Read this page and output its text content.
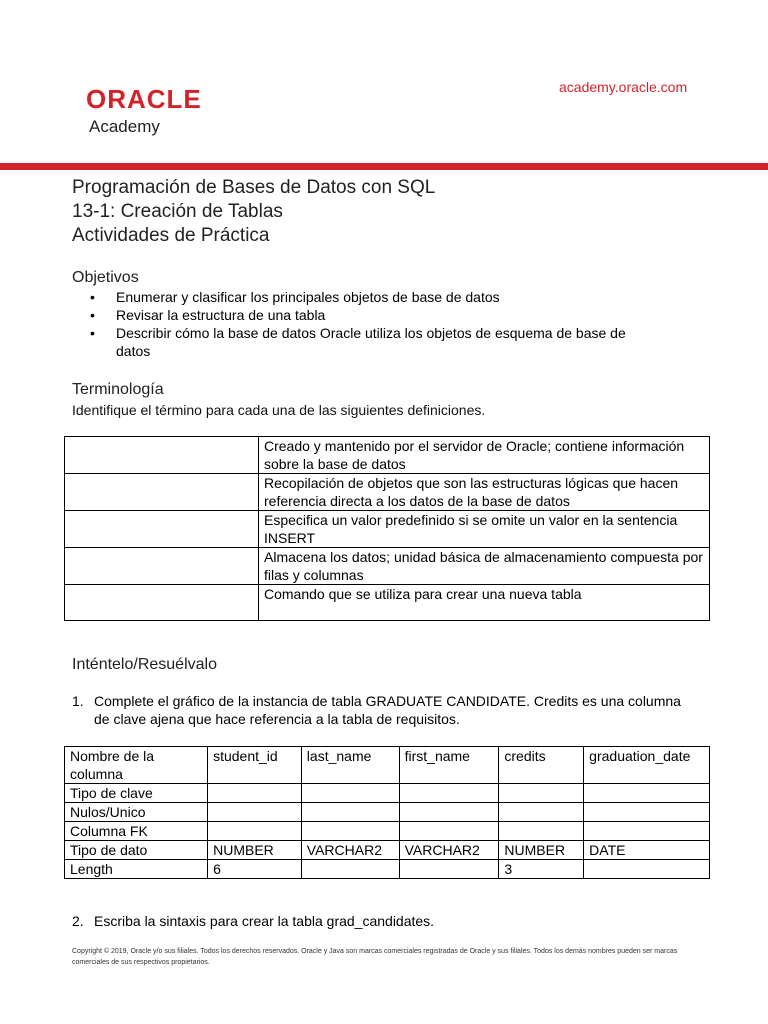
ORACLE
Academy
academy.oracle.com
Programación de Bases de Datos con SQL
13-1: Creación de Tablas
Actividades de Práctica
Objetivos
• Enumerar y clasificar los principales objetos de base de datos
• Revisar la estructura de una tabla
• Describir cómo la base de datos Oracle utiliza los objetos de esquema de base de datos
Terminología
Identifique el término para cada una de las siguientes definiciones.
	Creado y mantenido por el servidor de Oracle; contiene información sobre la base de datos
	Recopilación de objetos que son las estructuras lógicas que hacen referencia directa a los datos de la base de datos
	Especifica un valor predefinido si se omite un valor en la sentencia INSERT
	Almacena los datos; unidad básica de almacenamiento compuesta por filas y columnas
	Comando que se utiliza para crear una nueva tabla
Inténtelo/Resuélvalo
1. Complete el gráfico de la instancia de tabla GRADUATE CANDIDATE. Credits es una columna de clave ajena que hace referencia a la tabla de requisitos.
Nombre de la columna	student_id	last_name	first_name	credits	graduation_date
Tipo de clave					
Nulos/Unico					
Columna FK					
Tipo de dato	NUMBER	VARCHAR2	VARCHAR2	NUMBER	DATE
Length	6			3	
2. Escriba la sintaxis para crear la tabla grad_candidates.
Copyright © 2019, Oracle y/o sus filiales. Todos los derechos reservados. Oracle y Java son marcas comerciales registradas de Oracle y sus filiales. Todos los demás nombres pueden ser marcas comerciales de sus respectivos propietarios.
